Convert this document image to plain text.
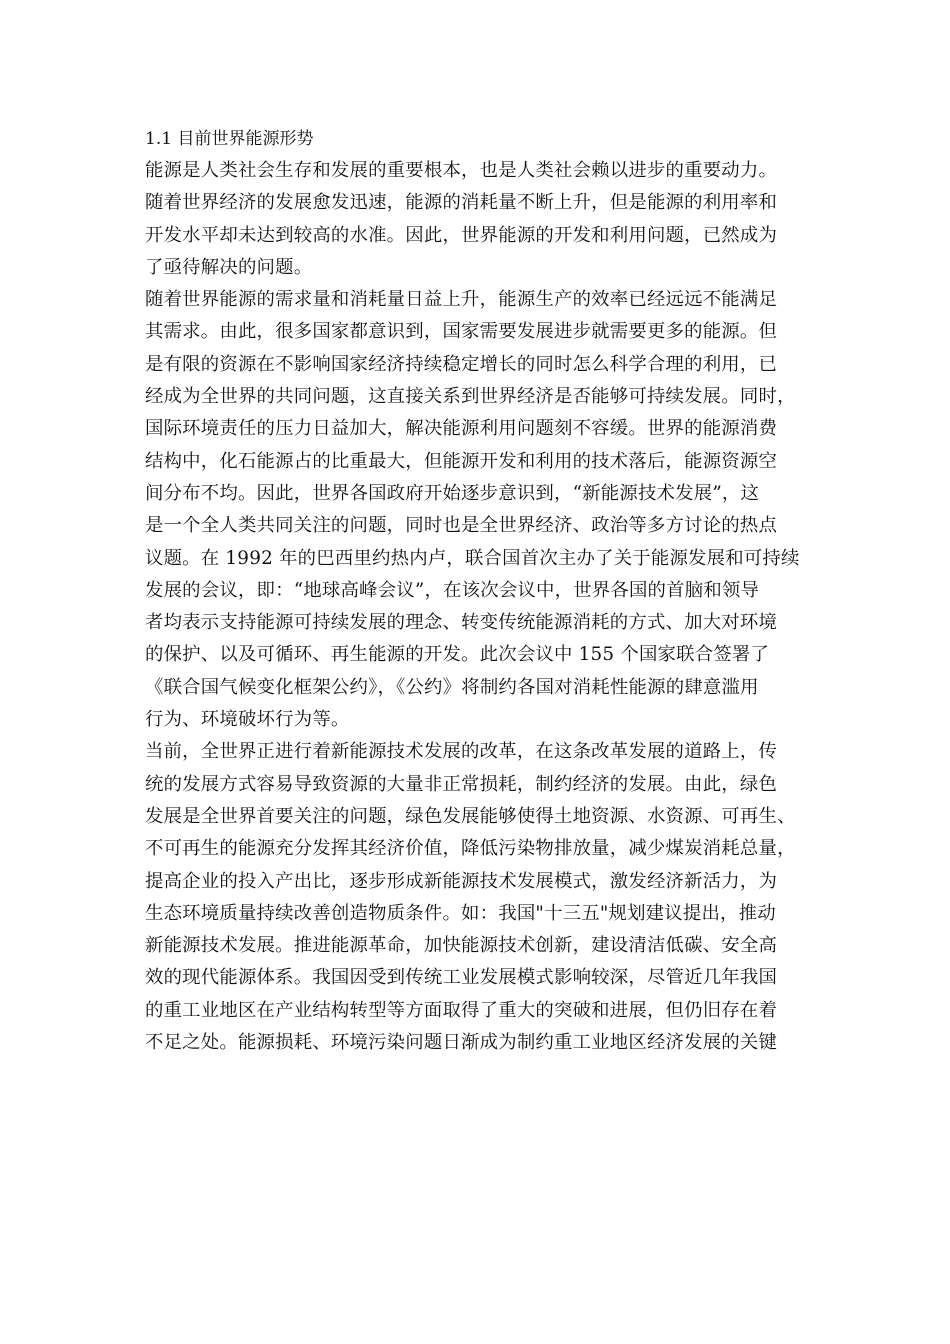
1.1 目前世界能源形势
能源是人类社会生存和发展的重要根本，也是人类社会赖以进步的重要动力。
随着世界经济的发展愈发迅速，能源的消耗量不断上升，但是能源的利用率和
开发水平却未达到较高的水准。因此，世界能源的开发和利用问题，已然成为
了亟待解决的问题。
随着世界能源的需求量和消耗量日益上升，能源生产的效率已经远远不能满足
其需求。由此，很多国家都意识到，国家需要发展进步就需要更多的能源。但
是有限的资源在不影响国家经济持续稳定增长的同时怎么科学合理的利用，已
经成为全世界的共同问题，这直接关系到世界经济是否能够可持续发展。同时，
国际环境责任的压力日益加大，解决能源利用问题刻不容缓。世界的能源消费
结构中，化石能源占的比重最大，但能源开发和利用的技术落后，能源资源空
间分布不均。因此，世界各国政府开始逐步意识到，“新能源技术发展”，这
是一个全人类共同关注的问题，同时也是全世界经济、政治等多方讨论的热点
议题。在 1992 年的巴西里约热内卢，联合国首次主办了关于能源发展和可持续
发展的会议，即：“地球高峰会议”，在该次会议中，世界各国的首脑和领导
者均表示支持能源可持续发展的理念、转变传统能源消耗的方式、加大对环境
的保护、以及可循环、再生能源的开发。此次会议中 155 个国家联合签署了
《联合国气候变化框架公约》，《公约》将制约各国对消耗性能源的肆意滥用
行为、环境破坏行为等。
当前，全世界正进行着新能源技术发展的改革，在这条改革发展的道路上，传
统的发展方式容易导致资源的大量非正常损耗，制约经济的发展。由此，绿色
发展是全世界首要关注的问题，绿色发展能够使得土地资源、水资源、可再生、
不可再生的能源充分发挥其经济价值，降低污染物排放量，减少煤炭消耗总量，
提高企业的投入产出比，逐步形成新能源技术发展模式，激发经济新活力，为
生态环境质量持续改善创造物质条件。如：我国"十三五"规划建议提出，推动
新能源技术发展。推进能源革命，加快能源技术创新，建设清洁低碳、安全高
效的现代能源体系。我国因受到传统工业发展模式影响较深，尽管近几年我国
的重工业地区在产业结构转型等方面取得了重大的突破和进展，但仍旧存在着
不足之处。能源损耗、环境污染问题日渐成为制约重工业地区经济发展的关键
